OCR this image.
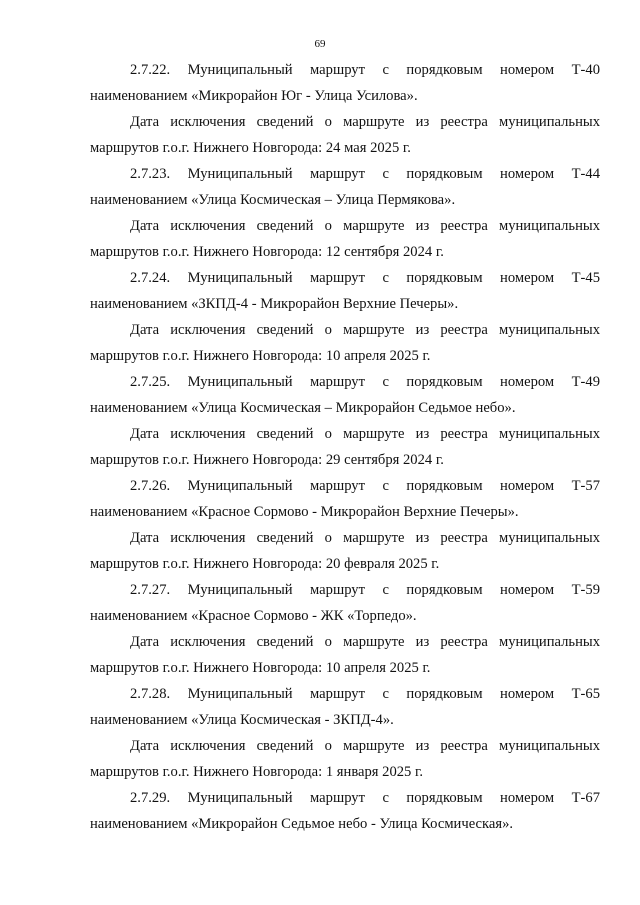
69

2.7.22. Муниципальный маршрут с порядковым номером Т-40 наименованием «Микрорайон Юг - Улица Усилова».

Дата исключения сведений о маршруте из реестра муниципальных маршрутов г.о.г. Нижнего Новгорода: 24 мая 2025 г.

2.7.23. Муниципальный маршрут с порядковым номером Т-44 наименованием «Улица Космическая – Улица Пермякова».

Дата исключения сведений о маршруте из реестра муниципальных маршрутов г.о.г. Нижнего Новгорода: 12 сентября 2024 г.

2.7.24. Муниципальный маршрут с порядковым номером Т-45 наименованием «ЗКПД-4 - Микрорайон Верхние Печеры».

Дата исключения сведений о маршруте из реестра муниципальных маршрутов г.о.г. Нижнего Новгорода: 10 апреля 2025 г.

2.7.25. Муниципальный маршрут с порядковым номером Т-49 наименованием «Улица Космическая – Микрорайон Седьмое небо».

Дата исключения сведений о маршруте из реестра муниципальных маршрутов г.о.г. Нижнего Новгорода: 29 сентября 2024 г.

2.7.26. Муниципальный маршрут с порядковым номером Т-57 наименованием «Красное Сормово - Микрорайон Верхние Печеры».

Дата исключения сведений о маршруте из реестра муниципальных маршрутов г.о.г. Нижнего Новгорода: 20 февраля 2025 г.

2.7.27. Муниципальный маршрут с порядковым номером Т-59 наименованием «Красное Сормово - ЖК «Торпедо».

Дата исключения сведений о маршруте из реестра муниципальных маршрутов г.о.г. Нижнего Новгорода: 10 апреля 2025 г.

2.7.28. Муниципальный маршрут с порядковым номером Т-65 наименованием «Улица Космическая - ЗКПД-4».

Дата исключения сведений о маршруте из реестра муниципальных маршрутов г.о.г. Нижнего Новгорода: 1 января 2025 г.

2.7.29. Муниципальный маршрут с порядковым номером Т-67 наименованием «Микрорайон Седьмое небо - Улица Космическая».
